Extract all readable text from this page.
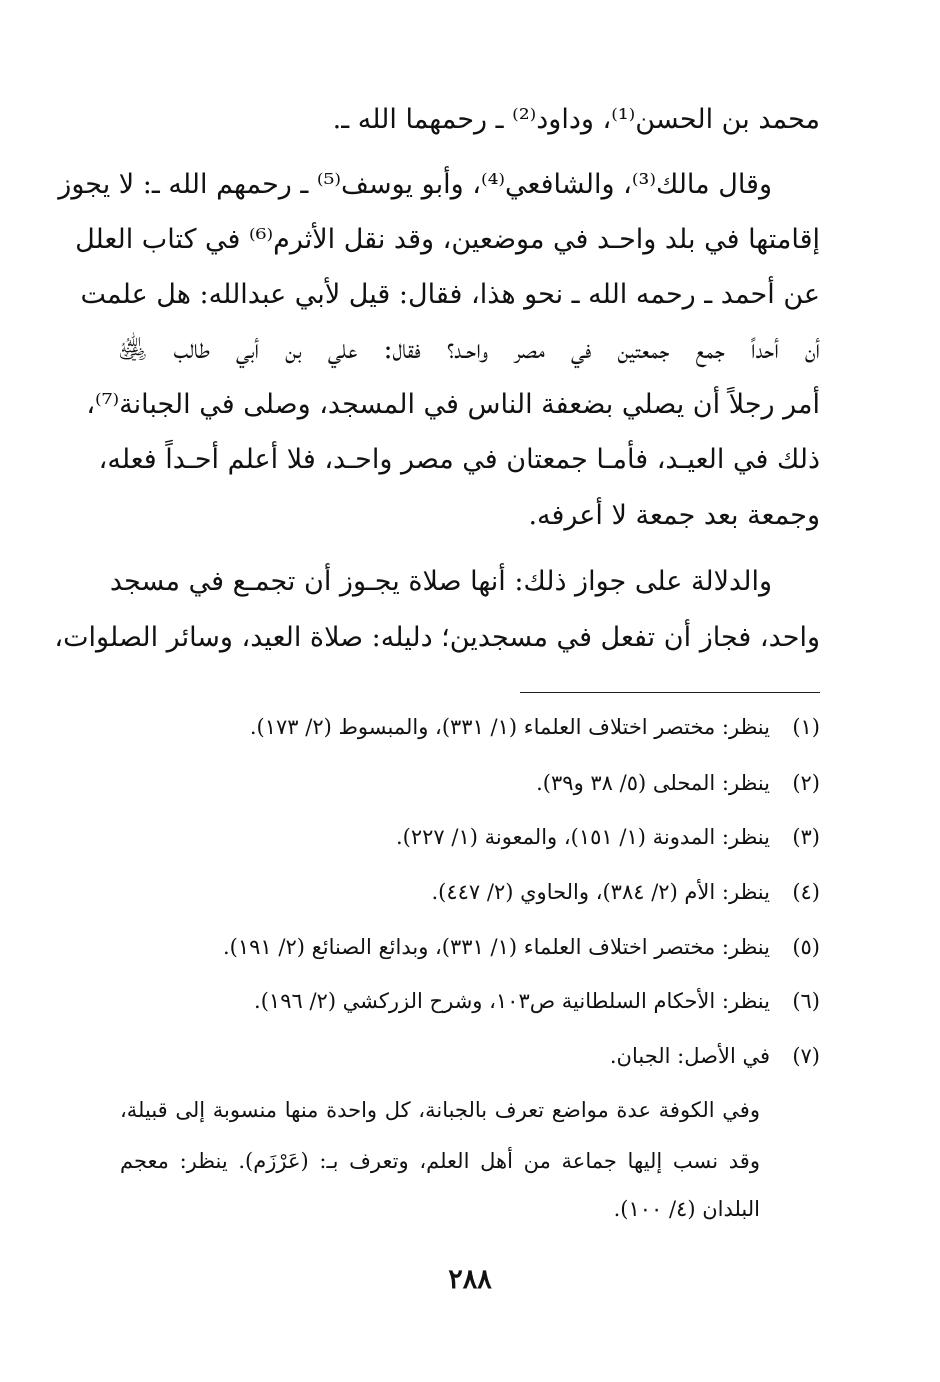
محمد بن الحسن⁽¹⁾، وداود⁽²⁾ ـ رحمهما الله ـ.
وقال مالك⁽³⁾، والشافعي⁽⁴⁾، وأبو يوسف⁽⁵⁾ ـ رحمهم الله ـ: لا يجوز
إقامتها في بلد واحـد في موضعين، وقد نقل الأثرم⁽⁶⁾ في كتاب العلل
عن أحمد ـ رحمه الله ـ نحو هذا، فقال: قيل لأبي عبدالله: هل علمت
أن أحداً جمع جمعتين في مصر واحـد؟ فقال: علي بن أبي طالب ﵁
أمر رجلاً أن يصلي بضعفة الناس في المسجد، وصلى في الجبانة⁽⁷⁾،
ذلك في العيـد، فأمـا جمعتان في مصر واحـد، فلا أعلم أحـداً فعله،
وجمعة بعد جمعة لا أعرفه.
والدلالة على جواز ذلك: أنها صلاة يجـوز أن تجمـع في مسجد
واحد، فجاز أن تفعل في مسجدين؛ دليله: صلاة العيد، وسائر الصلوات،
(١)ينظر: مختصر اختلاف العلماء (١/ ٣٣١)، والمبسوط (٢/ ١٧٣).
(٢)ينظر: المحلى (٥/ ٣٨ و٣٩).
(٣)ينظر: المدونة (١/ ١٥١)، والمعونة (١/ ٢٢٧).
(٤)ينظر: الأم (٢/ ٣٨٤)، والحاوي (٢/ ٤٤٧).
(٥)ينظر: مختصر اختلاف العلماء (١/ ٣٣١)، وبدائع الصنائع (٢/ ١٩١).
(٦)ينظر: الأحكام السلطانية ص١٠٣، وشرح الزركشي (٢/ ١٩٦).
(٧)في الأصل: الجبان.
وفي الكوفة عدة مواضع تعرف بالجبانة، كل واحدة منها منسوبة إلى قبيلة،
وقد نسب إليها جماعة من أهل العلم، وتعرف بـ: (عَرْزَم). ينظر: معجم
البلدان (٤/ ١٠٠).
٢٨٨
